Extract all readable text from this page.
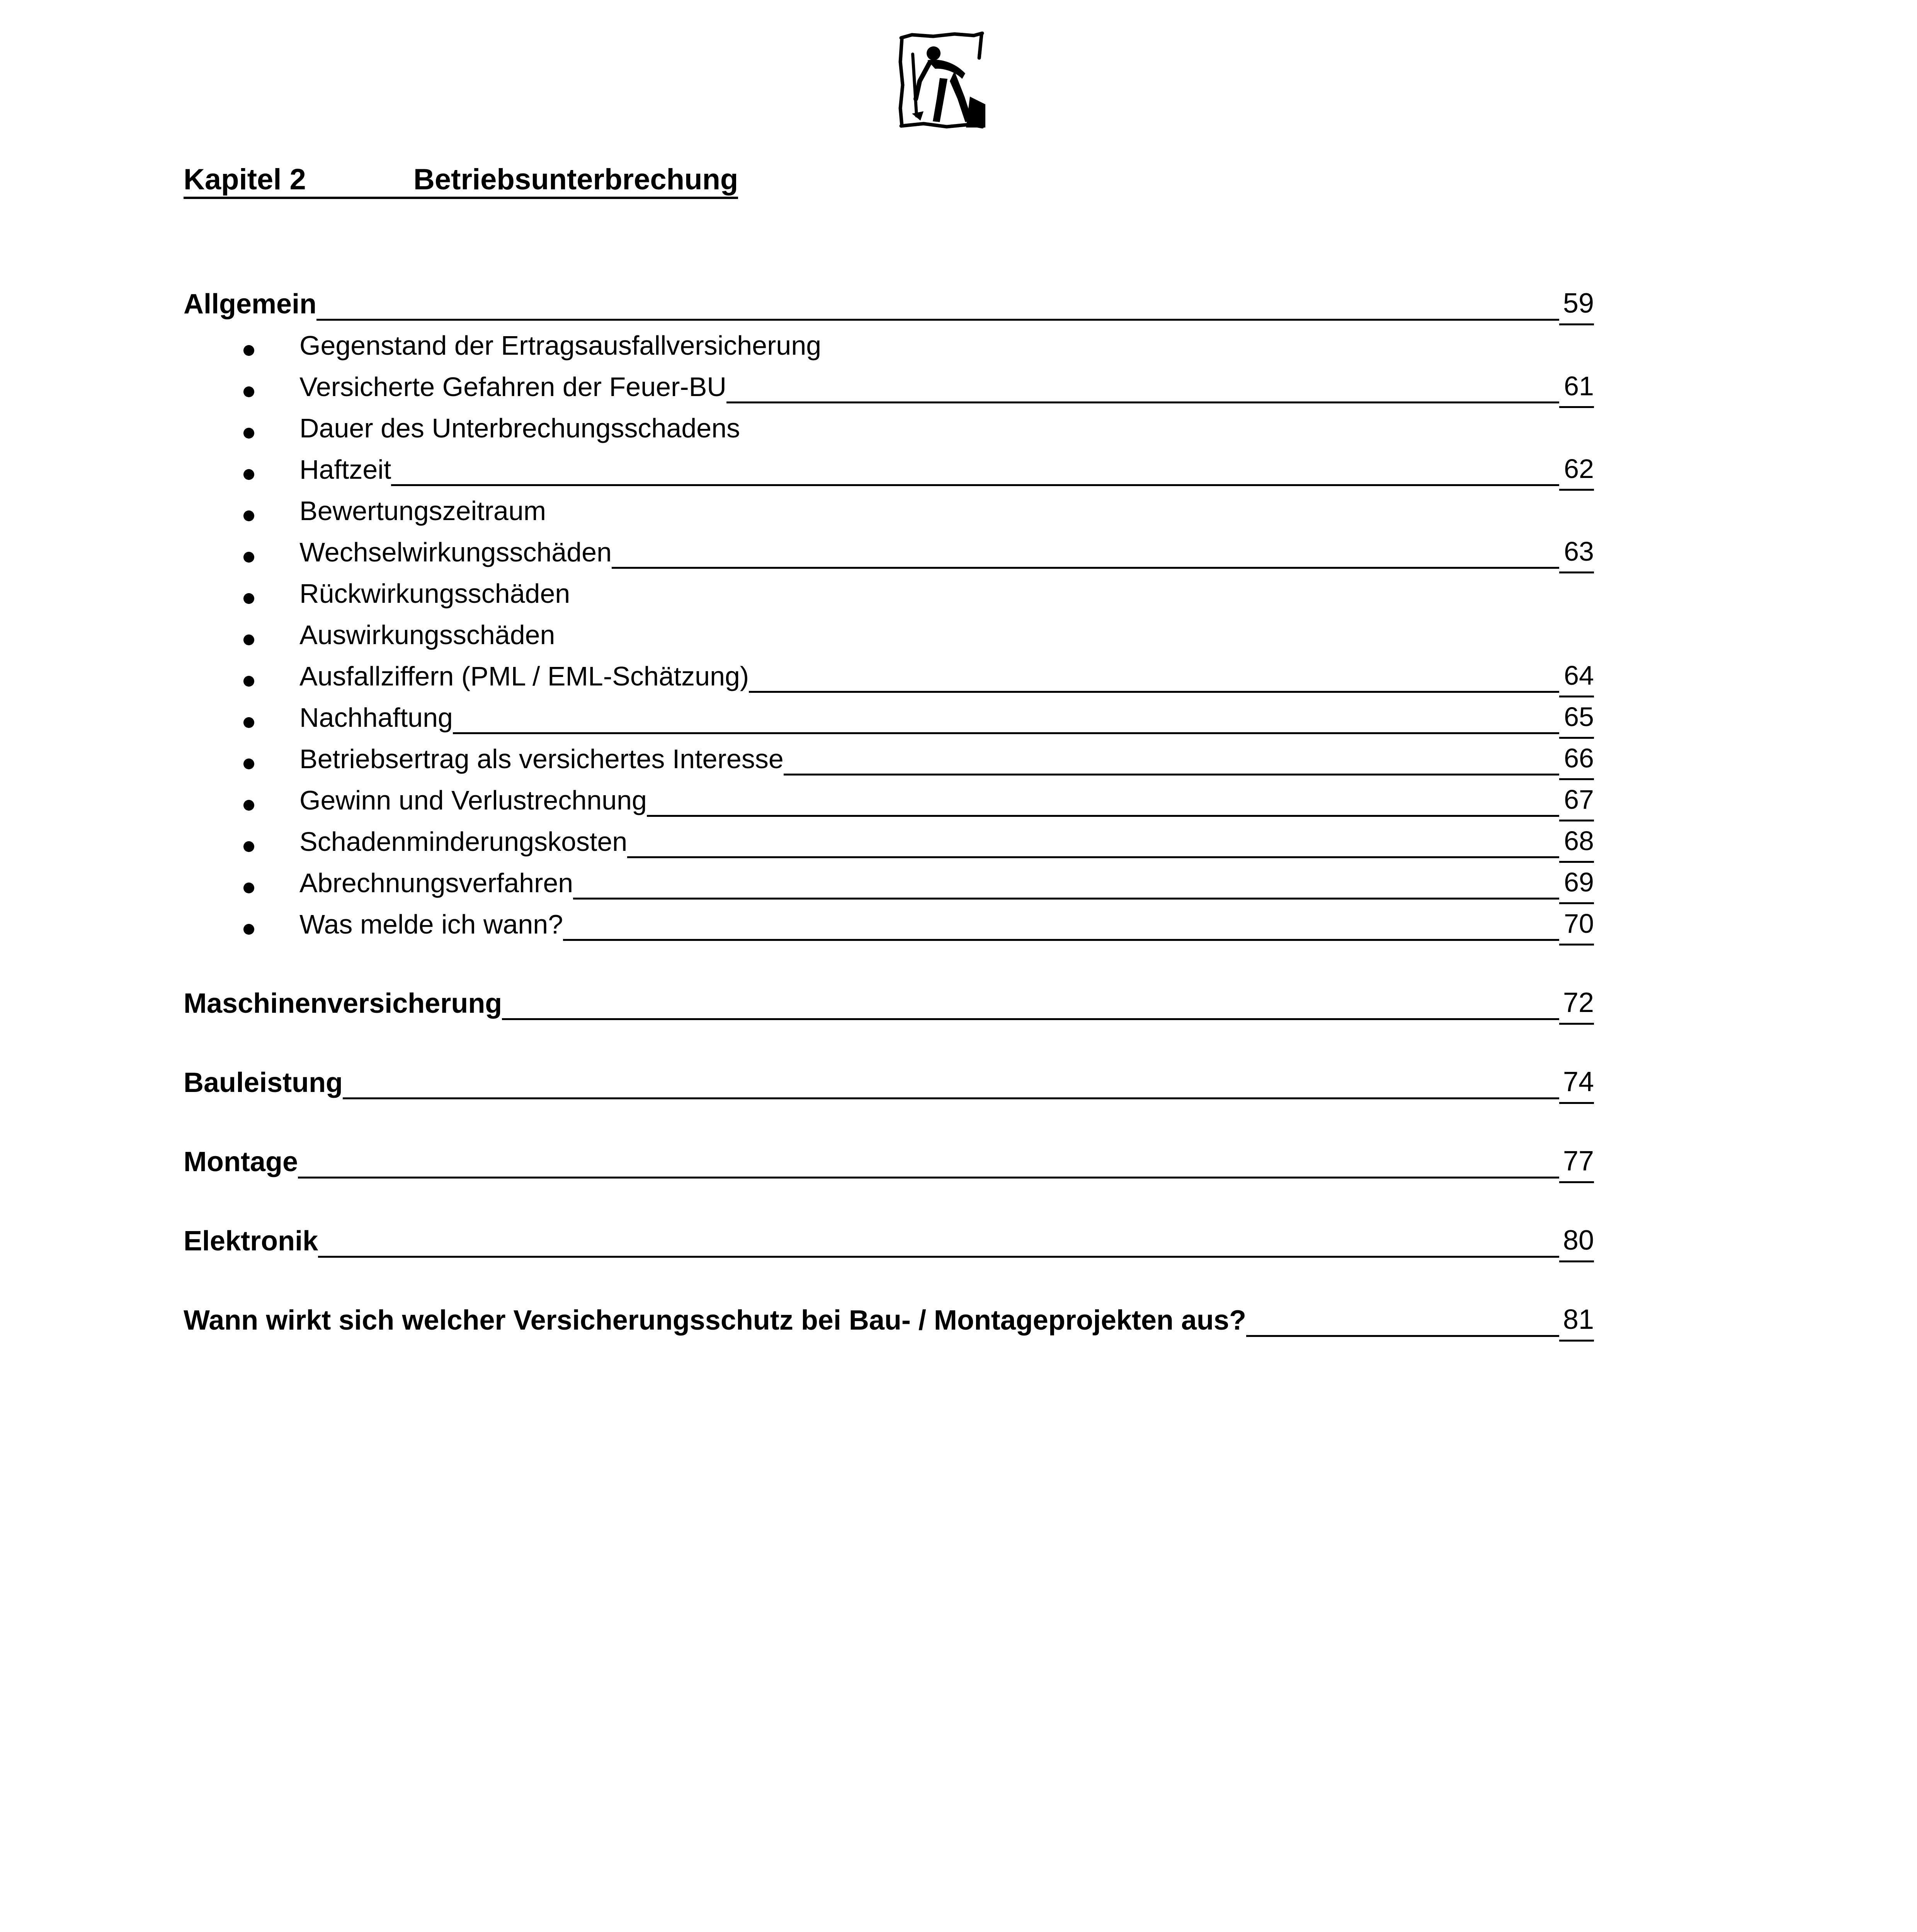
Kapitel 2	Betriebsunterbrechung
Allgemein	59
Gegenstand der Ertragsausfallversicherung
Versicherte Gefahren der Feuer-BU	61
Dauer des Unterbrechungsschadens
Haftzeit	62
Bewertungszeitraum
Wechselwirkungsschäden	63
Rückwirkungsschäden
Auswirkungsschäden
Ausfallziffern (PML / EML-Schätzung)	64
Nachhaftung	65
Betriebsertrag als versichertes Interesse	66
Gewinn und Verlustrechnung	67
Schadenminderungskosten	68
Abrechnungsverfahren	69
Was melde ich wann?	70
Maschinenversicherung	72
Bauleistung	74
Montage	77
Elektronik	80
Wann wirkt sich welcher Versicherungsschutz bei Bau- / Montageprojekten aus?	81
